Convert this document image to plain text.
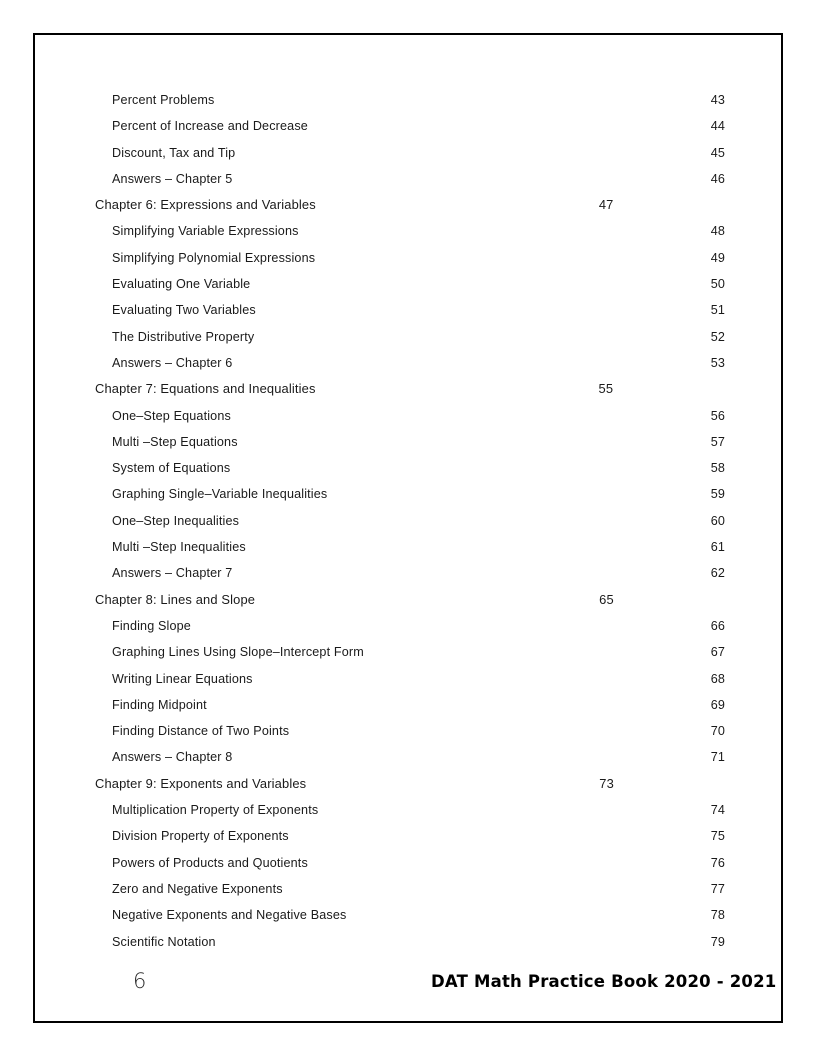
Percent Problems .....	43
Percent of Increase and Decrease .....	44
Discount, Tax and Tip .....	45
Answers – Chapter 5 .....	46
Chapter 6: Expressions and Variables .....	47
Simplifying Variable Expressions .....	48
Simplifying Polynomial Expressions .....	49
Evaluating One Variable .....	50
Evaluating Two Variables .....	51
The Distributive Property .....	52
Answers – Chapter 6 .....	53
Chapter 7: Equations and Inequalities .....	55
One–Step Equations .....	56
Multi –Step Equations .....	57
System of Equations .....	58
Graphing Single–Variable Inequalities .....	59
One–Step Inequalities .....	60
Multi –Step Inequalities .....	61
Answers – Chapter 7 .....	62
Chapter 8: Lines and Slope .....	65
Finding Slope .....	66
Graphing Lines Using Slope–Intercept Form .....	67
Writing Linear Equations .....	68
Finding Midpoint .....	69
Finding Distance of Two Points .....	70
Answers – Chapter 8 .....	71
Chapter 9: Exponents and Variables .....	73
Multiplication Property of Exponents .....	74
Division Property of Exponents .....	75
Powers of Products and Quotients .....	76
Zero and Negative Exponents .....	77
Negative Exponents and Negative Bases .....	78
Scientific Notation .....	79
6	DAT Math Practice Book 2020 - 2021
